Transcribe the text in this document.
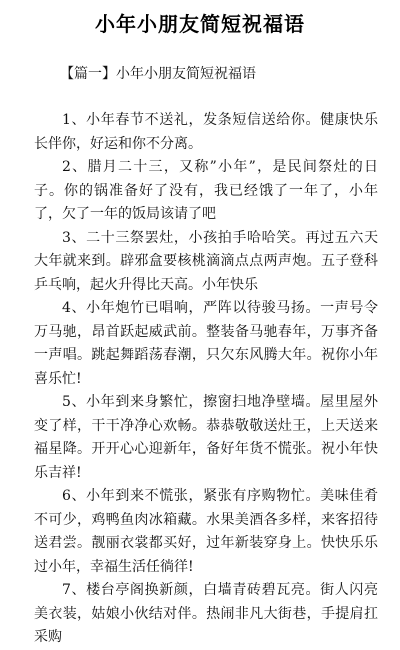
小年小朋友简短祝福语
【篇一】小年小朋友简短祝福语

1、小年春节不送礼，发条短信送给你。健康快乐长伴你，好运和你不分离。

2、腊月二十三，又称”小年”，是民间祭灶的日子。你的锅准备好了没有，我已经饿了一年了，小年了，欠了一年的饭局该请了吧

3、二十三祭罢灶，小孩拍手哈哈笑。再过五六天大年就来到。辟邪盒要核桃滴滴点点两声炮。五子登科乒乓响，起火升得比天高。小年快乐

4、小年炮竹已唱响，严阵以待骏马扬。一声号令万马驰，昂首跃起威武前。整装备马驰春年，万事齐备一声唱。跳起舞蹈荡春潮，只欠东风腾大年。祝你小年喜乐忙!

5、小年到来身繁忙，擦窗扫地净壁墙。屋里屋外变了样，干干净净心欢畅。恭恭敬敬送灶王，上天送来福星降。开开心心迎新年，备好年货不慌张。祝小年快乐吉祥!

6、小年到来不慌张，紧张有序购物忙。美味佳肴不可少，鸡鸭鱼肉冰箱藏。水果美酒各多样，来客招待送君尝。靓丽衣裳都买好，过年新装穿身上。快快乐乐过小年，幸福生活任徜徉!

7、楼台亭阁换新颜，白墙青砖碧瓦亮。街人闪亮美衣装，姑娘小伙结对伴。热闹非凡大街巷，手提肩扛采购
